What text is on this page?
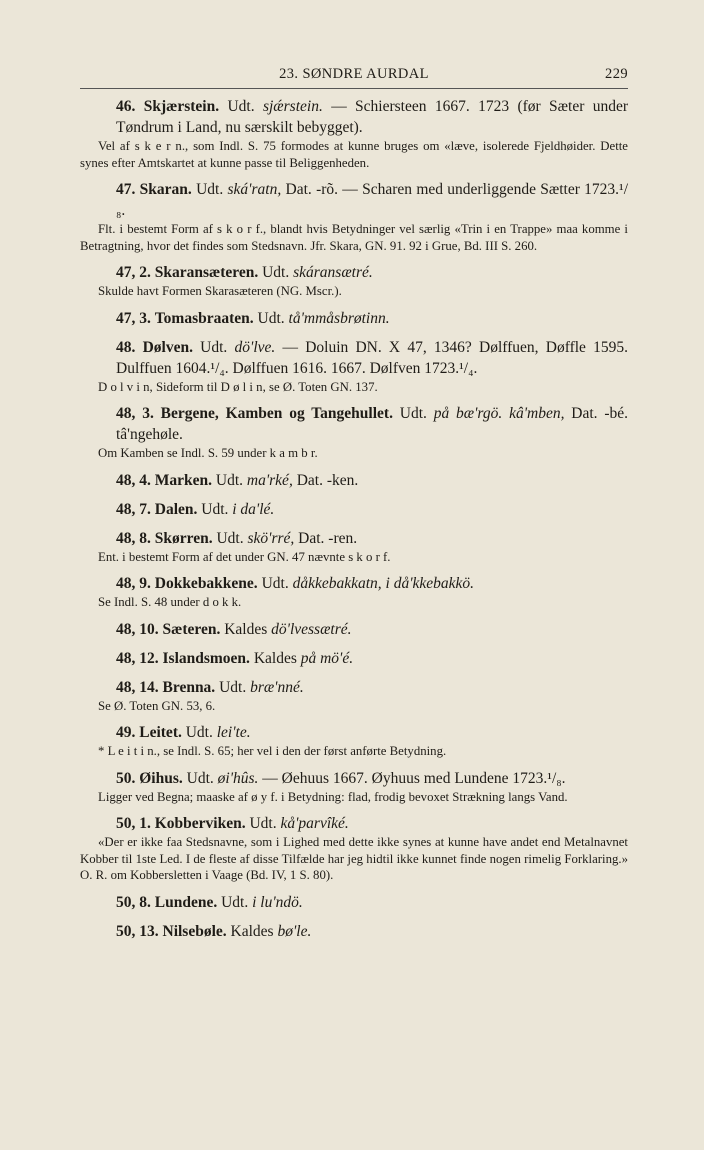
23. SØNDRE AURDAL	229
46. Skjærstein. Udt. sjǽrstein. — Schiersteen 1667. 1723 (før Sæter under Tøndrum i Land, nu særskilt bebygget).
Vel af s k e r n., som Indl. S. 75 formodes at kunne bruges om «læve, isolerede Fjeldhøider. Dette synes efter Amtskartet at kunne passe til Beliggenheden.
47. Skaran. Udt. ská'ratn, Dat. -rõ. — Scharen med underliggende Sætter 1723.¹/₈.
Flt. i bestemt Form af s k o r f., blandt hvis Betydninger vel særlig «Trin i en Trappe» maa komme i Betragtning, hvor det findes som Stedsnavn. Jfr. Skara, GN. 91. 92 i Grue, Bd. III S. 260.
47, 2. Skaransæteren. Udt. skáransætré.
Skulde havt Formen Skarasæteren (NG. Mscr.).
47, 3. Tomasbraaten. Udt. tå'mmåsbrøtinn.
48. Dølven. Udt. dö'lve. — Doluin DN. X 47, 1346? Dølffuen, Døffle 1595. Dulffuen 1604.¹/₄. Dølffuen 1616. 1667. Dølfven 1723.¹/₄.
D o l v i n, Sideform til D ø l i n, se Ø. Toten GN. 137.
48, 3. Bergene, Kamben og Tangehullet. Udt. på bæ'rgö. kâ'mben, Dat. -bé. tâ'ngehøle.
Om Kamben se Indl. S. 59 under k a m b r.
48, 4. Marken. Udt. ma'rké, Dat. -ken.
48, 7. Dalen. Udt. i da'lé.
48, 8. Skørren. Udt. skö'rré, Dat. -ren.
Ent. i bestemt Form af det under GN. 47 nævnte s k o r f.
48, 9. Dokkebakkene. Udt. dåkkebakkatn, i då'kkebakkö.
Se Indl. S. 48 under d o k k.
48, 10. Sæteren. Kaldes dö'lvessætré.
48, 12. Islandsmoen. Kaldes på mö'é.
48, 14. Brenna. Udt. bræ'nné.
Se Ø. Toten GN. 53, 6.
49. Leitet. Udt. lei'te.
* L e i t i n., se Indl. S. 65; her vel i den der først anførte Betydning.
50. Øihus. Udt. øi'hûs. — Øehuus 1667. Øyhuus med Lundene 1723.¹/₈.
Ligger ved Begna; maaske af ø y f. i Betydning: flad, frodig bevoxet Strækning langs Vand.
50, 1. Kobberviken. Udt. kå'parvîké.
«Der er ikke faa Stedsnavne, som i Lighed med dette ikke synes at kunne have andet end Metalnavnet Kobber til 1ste Led. I de fleste af disse Tilfælde har jeg hidtil ikke kunnet finde nogen rimelig Forklaring.» O. R. om Kobbersletten i Vaage (Bd. IV, 1 S. 80).
50, 8. Lundene. Udt. i lu'ndö.
50, 13. Nilsebøle. Kaldes bø'le.
